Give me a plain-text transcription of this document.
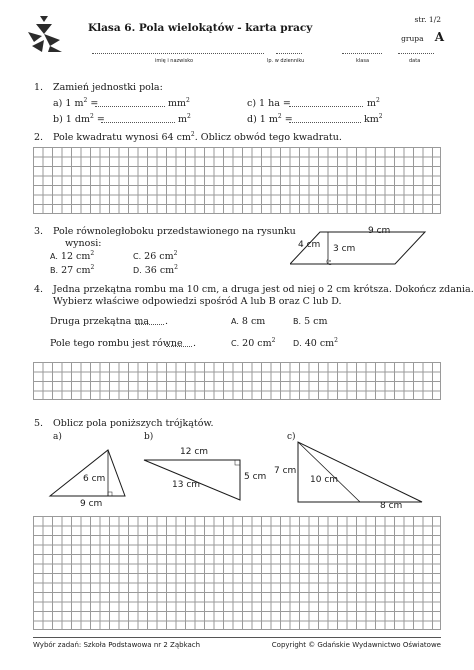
Klasa 6. Pola wielokątów - karta pracy
str. 1/2
grupa A
imię i nazwisko	lp. w dzienniku	klasa	data
1. Zamień jednostki pola:
a) 1 $m^2$ =	$mm^2$	c) 1 ha =	$m^2$
b) 1 $dm^2$ =	$m^2$	d) 1 $m^2$ =	$km^2$
2. Pole kwadratu wynosi 64 $cm^2$. Oblicz obwód tego kwadratu.
3. Pole równoległoboku przedstawionego na rysunku
wynosi:
A. 12 $cm^2$	C. 26 $cm^2$
B. 27 $cm^2$	D. 36 $cm^2$
9 cm
4 cm 3 cm
4. Jedna przekątna rombu ma 10 cm, a druga jest od niej o 2 cm krótsza. Dokończ zdania.
Wybierz właściwe odpowiedzi spośród A lub B oraz C lub D.
Druga przekątna ma .	A. 8 cm	B. 5 cm
Pole tego rombu jest równe .	C. 20 $cm^2$ D. 40 $cm^2$
5. Oblicz pola poniższych trójkątów.
a)
6 cm
9 cm
b)
12 cm
5 cm
13 cm
c)
7 cm
10 cm
8 cm
Wybór zadań: Szkoła Podstawowa nr 2 Ząbkach	Copyright © Gdańskie Wydawnictwo Oświatowe
